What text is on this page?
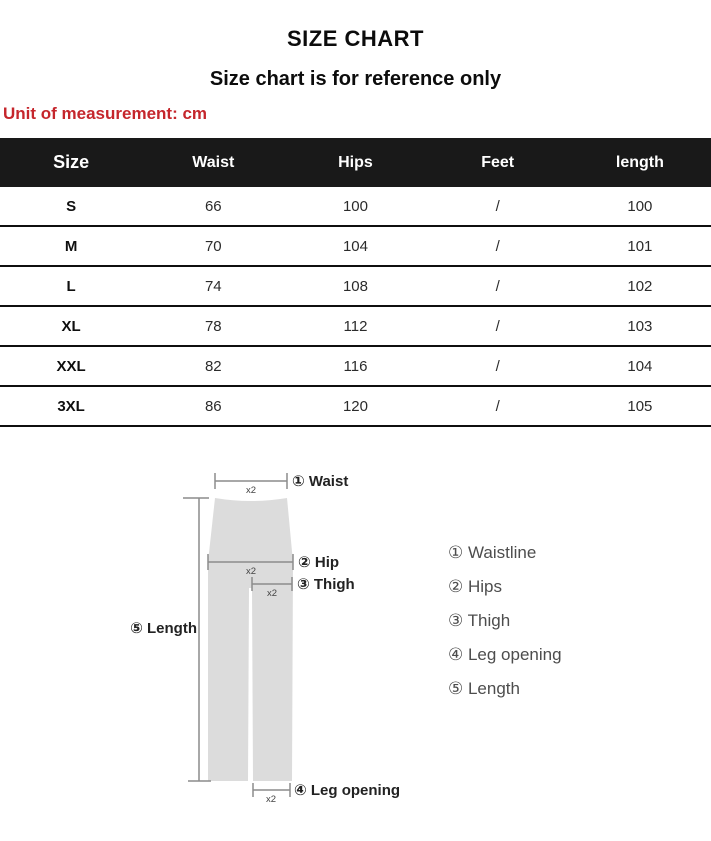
SIZE CHART
Size chart is for reference only
Unit of measurement: cm
Size	Waist	Hips	Feet	length
S	66	100	/	100
M	70	104	/	101
L	74	108	/	102
XL	78	112	/	103
XXL	82	116	/	104
3XL	86	120	/	105
x2
① Waist
x2
② Hip
x2
③ Thigh
⑤ Length
x2
④ Leg opening
① Waistline
② Hips
③ Thigh
④ Leg opening
⑤ Length
